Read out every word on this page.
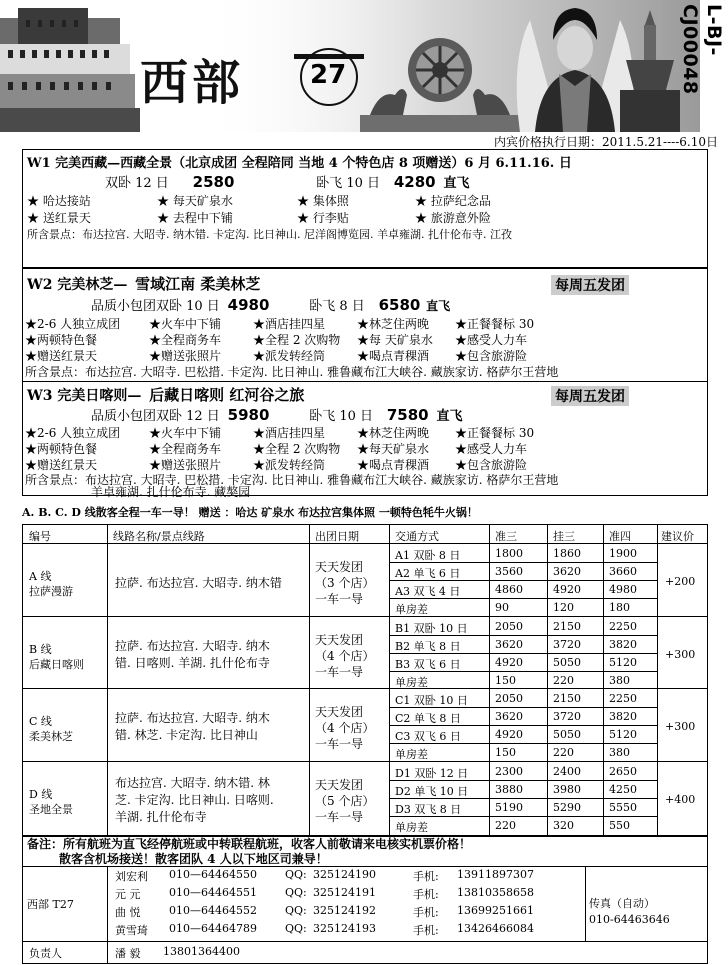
西部	27
L-BJ-CJ00048
内宾价格执行日期：2011.5.21----6.10日
W1 完美西藏—西藏全景（北京成团 全程陪同 当地 4 个特色店 8 项赠送）6 月 6.11.16. 日
双卧 12 日 2580	卧飞 10 日 4280 直飞
★ 哈达接站	★ 每天矿泉水	★ 集体照	★ 拉萨纪念品
★ 送红景天	★ 去程中下铺	★ 行李贴	★ 旅游意外险
所含景点：布达拉宫. 大昭寺. 纳木错. 卡定沟. 比日神山. 尼洋阁博览园. 羊卓雍湖. 扎什伦布寺. 江孜
W2 完美林芝— 雪域江南 柔美林芝	每周五发团
品质小包团双卧 10 日 4980	卧飞 8 日 6580 直飞
★2-6 人独立成团 ★火车中下铺	★酒店挂四星	★林芝住两晚 ★正餐餐标 30
★两顿特色餐	★全程商务车	★全程 2 次购物 ★每 天矿泉水 ★感受人力车
★赠送红景天	★赠送张照片	★派发转经筒	★喝点青稞酒 ★包含旅游险
所含景点：布达拉宫. 大昭寺. 巴松措. 卡定沟. 比日神山. 雅鲁藏布江大峡谷. 藏族家访. 格萨尔王营地
W3 完美日喀则— 后藏日喀则 红河谷之旅	每周五发团
品质小包团双卧 12 日 5980	卧飞 10 日 7580 直飞
★2-6 人独立成团 ★火车中下铺	★酒店挂四星	★林芝住两晚 ★正餐餐标 30
★两顿特色餐	★全程商务车	★全程 2 次购物 ★每天矿泉水 ★感受人力车
★赠送红景天	★赠送张照片	★派发转经筒	★喝点青稞酒 ★包含旅游险
所含景点：布达拉宫. 大昭寺. 巴松措. 卡定沟. 比日神山. 雅鲁藏布江大峡谷. 藏族家访. 格萨尔王营地
羊卓雍湖. 扎什伦布寺. 藏獒园
A. B. C. D 线散客全程一车一导！ 赠送 ：哈达 矿泉水 布达拉宫集体照 一顿特色牦牛火锅！
编号	线路名称/景点线路	出团日期	交通方式	准三	挂三	准四	建议价
A 线
拉萨漫游
拉萨. 布达拉宫. 大昭寺. 纳木错
天天发团
（3 个店）
一车一导
+200
A1 双卧 8 日	1800	1860	1900
A2 单飞 6 日	3560	3620	3660
A3 双飞 4 日	4860	4920	4980
单房差	90	120	180
B 线
后藏日喀则
拉萨. 布达拉宫. 大昭寺. 纳木
错. 日喀则. 羊湖. 扎什伦布寺
天天发团
（4 个店）
一车一导
+300
B1 双卧 10 日 2050	2150	2250
B2 单飞 8 日	3620	3720	3820
B3 双飞 6 日	4920	5050	5120
单房差	150	220	380
C 线
柔美林芝
拉萨. 布达拉宫. 大昭寺. 纳木
错. 林芝. 卡定沟. 比日神山
天天发团
（4 个店）
一车一导
+300
C1 双卧 10 日 2050	2150	2250
C2 单飞 8 日	3620	3720	3820
C3 双飞 6 日	4920	5050	5120
单房差	150	220	380
D 线
圣地全景
布达拉宫. 大昭寺. 纳木错. 林
芝. 卡定沟. 比日神山. 日喀则.
羊湖. 扎什伦布寺
天天发团
（5 个店）
一车一导
+400
D1 双卧 12 日 2300	2400	2650
D2 单飞 10 日 3880	3980	4250
D3 双飞 8 日	5190	5290	5550
单房差	220	320	550
备注：所有航班为直飞经停航班或中转联程航班，收客人前敬请来电核实机票价格！
散客含机场接送！散客团队 4 人以下地区司兼导！
西部 T27
刘宏利 010—64464550	QQ: 325124190	手机: 13911897307
元 元	010—64464551	QQ: 325124191	手机: 13810358658
曲 悦	010—64464552	QQ: 325124192	手机: 13699251661
黄雪琦 010—64464789	QQ: 325124193	手机: 13426466084
传真（自动）
010-64463646
负责人	潘 毅 13801364400
